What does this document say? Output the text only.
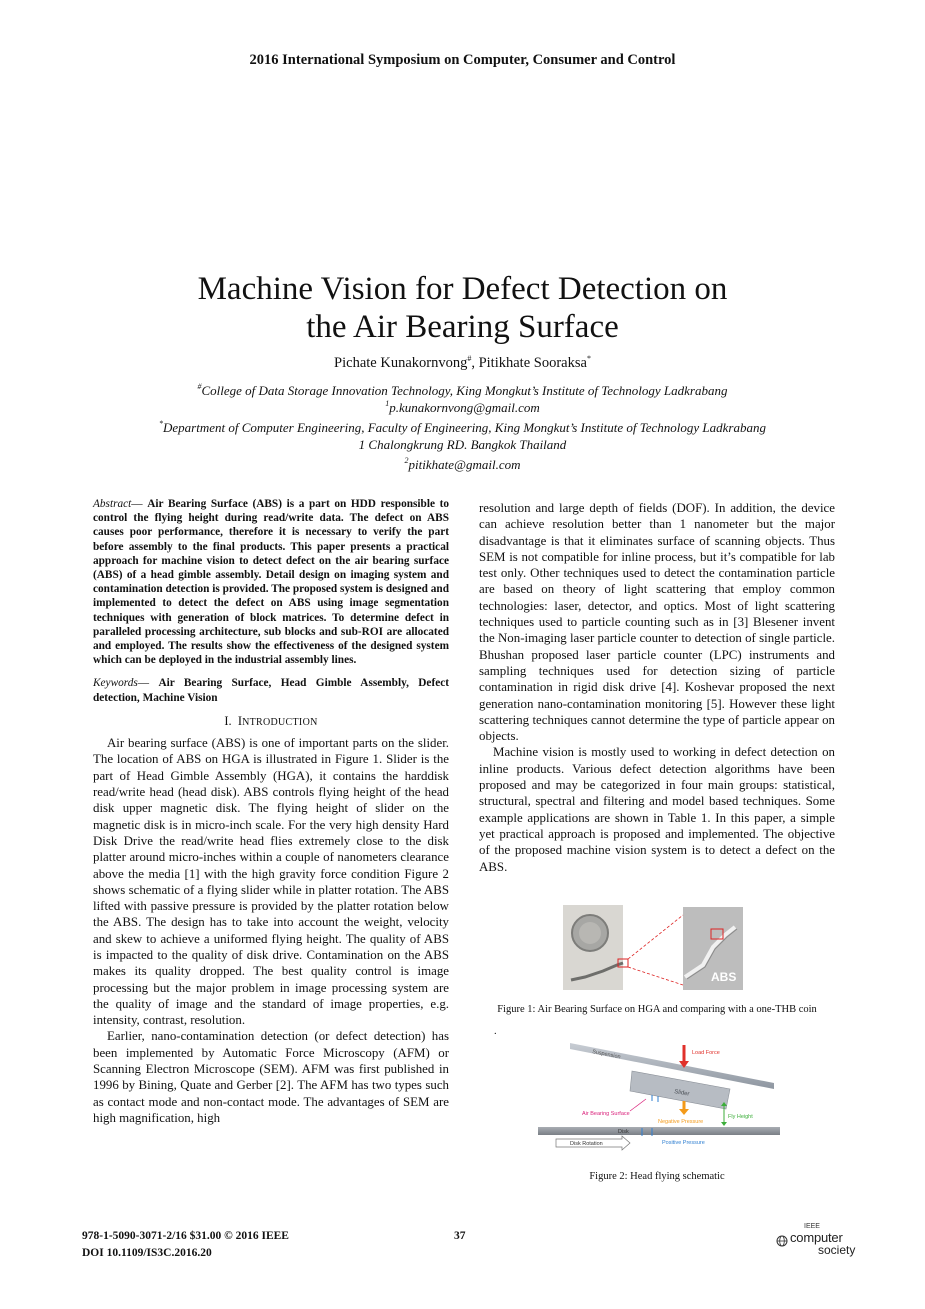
2016 International Symposium on Computer, Consumer and Control
Machine Vision for Defect Detection on
the Air Bearing Surface
Pichate Kunakornvong#, Pitikhate Sooraksa*
#College of Data Storage Innovation Technology, King Mongkut’s Institute of Technology Ladkrabang
$^1$p.kunakornvong@gmail.com
*Department of Computer Engineering, Faculty of Engineering, King Mongkut’s Institute of Technology Ladkrabang
1 Chalongkrung RD. Bangkok Thailand
$^2$pitikhate@gmail.com

Abstract— Air Bearing Surface (ABS) is a part on HDD responsible to control the flying height during read/write data. The defect on ABS causes poor performance, therefore it is necessary to verify the part before assembly to the final products. This paper presents a practical approach for machine vision to detect defect on the air bearing surface (ABS) of a head gimble assembly. Detail design on imaging system and contamination detection is provided. The proposed system is designed and implemented to detect the defect on ABS using image segmentation techniques with generation of block matrices. To determine defect in paralleled processing architecture, sub blocks and sub-ROI are allocated and employed. The results show the effectiveness of the designed system which can be deployed in the industrial assembly lines.

Keywords— Air Bearing Surface, Head Gimble Assembly, Defect detection, Machine Vision

I. INTRODUCTION

Air bearing surface (ABS) is one of important parts on the slider. The location of ABS on HGA is illustrated in Figure 1. Slider is the part of Head Gimble Assembly (HGA), it contains the harddisk read/write head (head disk). ABS controls flying height of the head disk upper magnetic disk. The flying height of slider on the magnetic disk is in micro-inch scale. For the very high density Hard Disk Drive the read/write head flies extremely close to the disk platter around micro-inches within a couple of nanometers clearance above the media [1] with the high gravity force condition Figure 2 shows schematic of a flying slider while in platter rotation. The ABS lifted with passive pressure is provided by the platter rotation below the ABS. The design has to take into account the weight, velocity and skew to achieve a uniformed flying height. The quality of ABS is impacted to the quality of disk drive. Contamination on the ABS makes its quality dropped. The best quality control is image processing but the major problem in image processing system are the quality of image and the standard of image properties, e.g. intensity, contrast, resolution.

Earlier, nano-contamination detection (or defect detection) has been implemented by Automatic Force Microscopy (AFM) or Scanning Electron Microscope (SEM). AFM was first published in 1996 by Bining, Quate and Gerber [2]. The AFM has two types such as contact mode and non-contact mode. The advantages of SEM are high magnification, high

resolution and large depth of fields (DOF). In addition, the device can achieve resolution better than 1 nanometer but the major disadvantage is that it eliminates surface of scanning objects. Thus SEM is not compatible for inline process, but it’s compatible for lab test only. Other techniques used to detect the contamination particle are based on theory of light scattering that employ common technologies: laser, detector, and optics. Most of light scattering techniques used to particle counting such as in [3] Blesener invent the Non-imaging laser particle counter to detection of single particle. Bhushan proposed laser particle counter (LPC) instruments and sampling techniques used for detection sizing of particle contamination in rigid disk drive [4]. Koshevar proposed the next generation nano-contamination monitoring [5]. However these light scattering techniques cannot determine the type of particle appear on objects.

Machine vision is mostly used to working in defect detection on inline products. Various defect detection algorithms have been proposed and may be categorized in four main groups: statistical, structural, spectral and filtering and model based techniques. Some example applications are shown in Table 1. In this paper, a simple yet practical approach is proposed and implemented. The objective of the proposed machine vision system is to detect a defect on the ABS.

ABS
Figure 1: Air Bearing Surface on HGA and comparing with a one-THB coin
.
Suspension	Load Force
Slider
Air Bearing Surface
Negative Pressure
Fly Height
Disk
Positive Pressure
Disk Rotation
Figure 2: Head flying schematic
978-1-5090-3071-2/16 $31.00 © 2016 IEEE
DOI 10.1109/IS3C.2016.20
37
IEEE
computer
society
